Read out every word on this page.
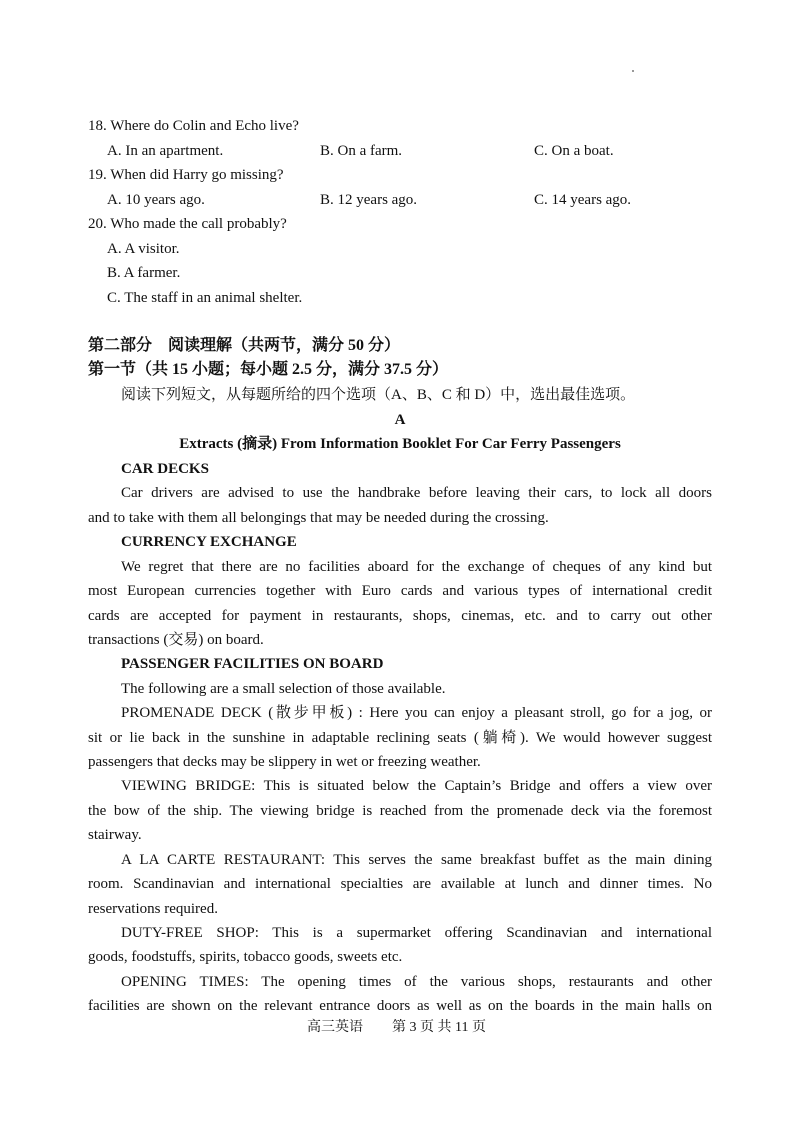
18. Where do Colin and Echo live?
A. In an apartment.	B. On a farm.	C. On a boat.
19. When did Harry go missing?
A. 10 years ago.	B. 12 years ago.	C. 14 years ago.
20. Who made the call probably?
A. A visitor.
B. A farmer.
C. The staff in an animal shelter.
第二部分　阅读理解（共两节，满分 50 分）
第一节（共 15 小题；每小题 2.5 分，满分 37.5 分）
阅读下列短文，从每题所给的四个选项（A、B、C 和 D）中，选出最佳选项。
A
Extracts (摘录) From Information Booklet For Car Ferry Passengers
CAR DECKS
Car drivers are advised to use the handbrake before leaving their cars, to lock all doors
and to take with them all belongings that may be needed during the crossing.
CURRENCY EXCHANGE
We regret that there are no facilities aboard for the exchange of cheques of any kind but
most European currencies together with Euro cards and various types of international credit
cards are accepted for payment in restaurants, shops, cinemas, etc. and to carry out other
transactions (交易) on board.
PASSENGER FACILITIES ON BOARD
The following are a small selection of those available.
PROMENADE DECK (散步甲板) : Here you can enjoy a pleasant stroll, go for a jog, or
sit or lie back in the sunshine in adaptable reclining seats (躺椅). We would however suggest
passengers that decks may be slippery in wet or freezing weather.
VIEWING BRIDGE: This is situated below the Captain’s Bridge and offers a view over
the bow of the ship. The viewing bridge is reached from the promenade deck via the foremost
stairway.
A LA CARTE RESTAURANT: This serves the same breakfast buffet as the main dining
room. Scandinavian and international specialties are available at lunch and dinner times. No
reservations required.
DUTY-FREE SHOP: This is a supermarket offering Scandinavian and international
goods, foodstuffs, spirits, tobacco goods, sweets etc.
OPENING TIMES: The opening times of the various shops, restaurants and other
facilities are shown on the relevant entrance doors as well as on the boards in the main halls on
高三英语 第 3 页 共 11 页
